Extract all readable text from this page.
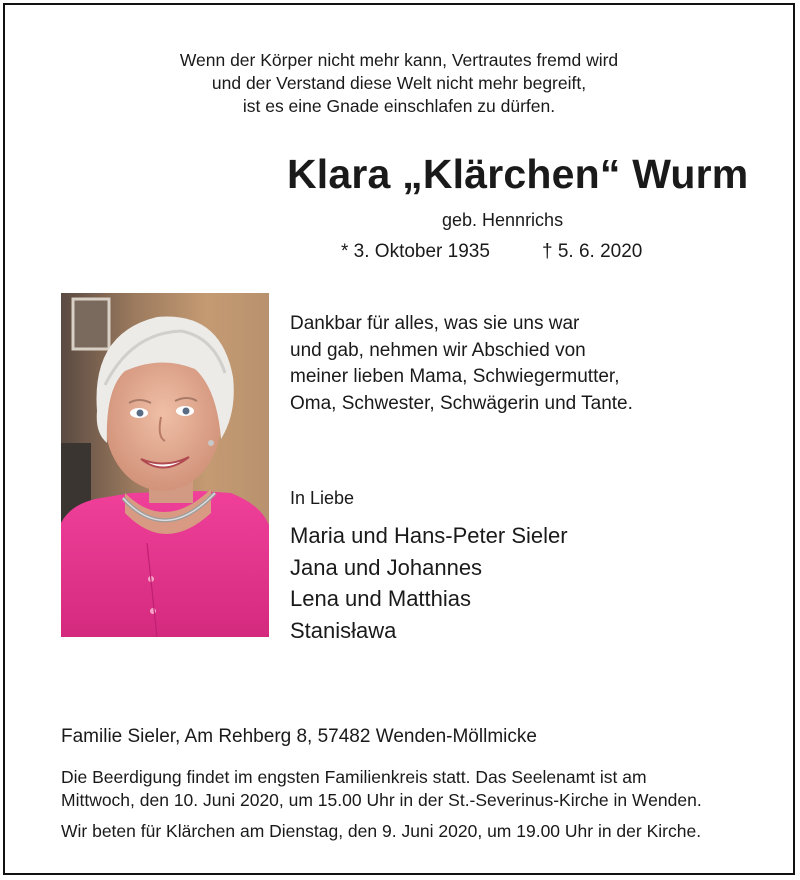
Wenn der Körper nicht mehr kann, Vertrautes fremd wird
und der Verstand diese Welt nicht mehr begreift,
ist es eine Gnade einschlafen zu dürfen.
Klara „Klärchen“ Wurm
geb. Hennrichs
* 3. Oktober 1935	† 5. 6. 2020
Dankbar für alles, was sie uns war
und gab, nehmen wir Abschied von
meiner lieben Mama, Schwiegermutter,
Oma, Schwester, Schwägerin und Tante.
In Liebe
Maria und Hans-Peter Sieler
Jana und Johannes
Lena und Matthias
Stanisława
Familie Sieler, Am Rehberg 8, 57482 Wenden-Möllmicke
Die Beerdigung findet im engsten Familienkreis statt. Das Seelenamt ist am
Mittwoch, den 10. Juni 2020, um 15.00 Uhr in der St.-Severinus-Kirche in Wenden.
Wir beten für Klärchen am Dienstag, den 9. Juni 2020, um 19.00 Uhr in der Kirche.
